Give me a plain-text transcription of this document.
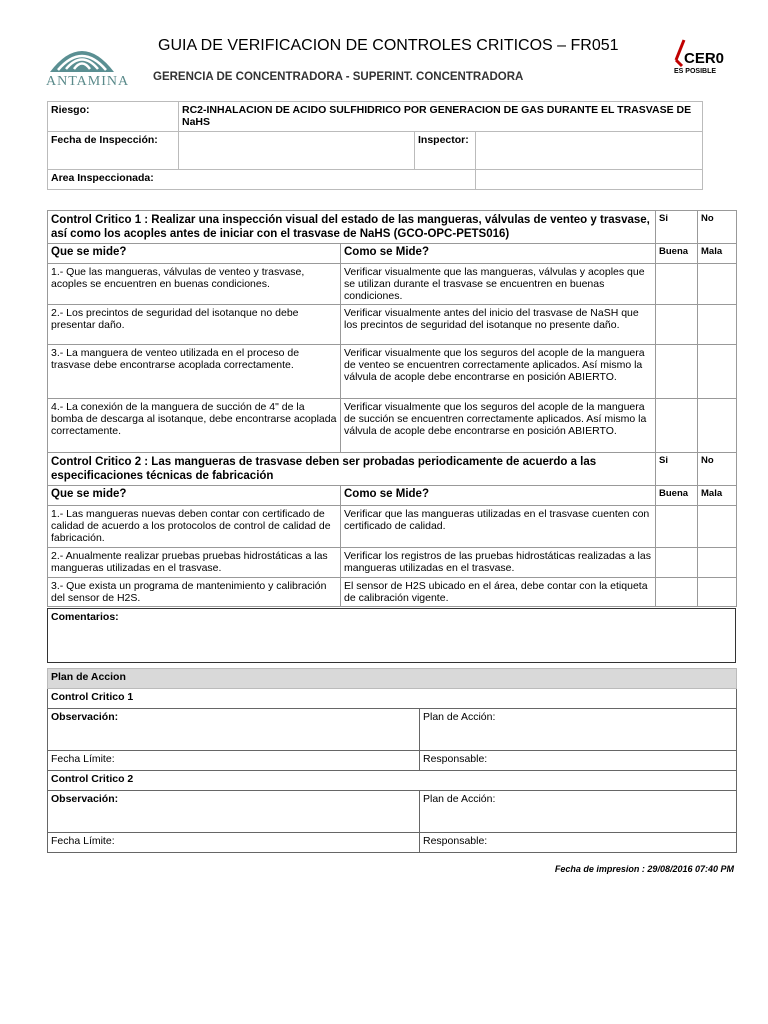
ANTAMINA
GUIA DE VERIFICACION DE CONTROLES CRITICOS – FR051
GERENCIA DE CONCENTRADORA - SUPERINT. CONCENTRADORA
CER0
ES POSIBLE
Riesgo:	RC2-INHALACION DE ACIDO SULFHIDRICO POR GENERACION DE GAS DURANTE EL TRASVASE DE NaHS		
Fecha de Inspección:		Inspector:	
Area Inspeccionada:			
Control Critico 1 : Realizar una inspección visual del estado de las mangueras, válvulas de venteo y trasvase, así como los acoples antes de iniciar con el trasvase de NaHS (GCO-OPC-PETS016)		Si	No
Que se mide?	Como se Mide?	Buena	Mala
1.- Que las mangueras, válvulas de venteo y trasvase, acoples se encuentren en buenas condiciones.	Verificar visualmente que las mangueras, válvulas y acoples que se utilizan durante el trasvase se encuentren en buenas condiciones.		
2.- Los precintos de seguridad del isotanque no debe presentar daño.	Verificar visualmente antes del inicio del trasvase de NaSH que los precintos de seguridad del isotanque no presente daño.		
3.- La manguera de venteo utilizada en el proceso de trasvase debe encontrarse acoplada correctamente.	Verificar visualmente que los seguros del acople de la manguera de venteo se encuentren correctamente aplicados. Así mismo la válvula de acople debe encontrarse en posición ABIERTO.		
4.- La conexión de la manguera de succión de 4" de la bomba de descarga al isotanque, debe encontrarse acoplada correctamente.	Verificar visualmente que los seguros del acople de la manguera de succión se encuentren correctamente aplicados. Así mismo la válvula de acople debe encontrarse en posición ABIERTO.		
Control Critico 2 : Las mangueras de trasvase deben ser probadas periodicamente de acuerdo a las especificaciones técnicas de fabricación		Si	No
Que se mide?	Como se Mide?	Buena	Mala
1.- Las mangueras nuevas deben contar con certificado de calidad de acuerdo a los protocolos de control de calidad de fabricación.	Verificar que las mangueras utilizadas en el trasvase cuenten con certificado de calidad.		
2.- Anualmente realizar pruebas pruebas hidrostáticas a las mangueras utilizadas en el trasvase.	Verificar los registros de las pruebas hidrostáticas realizadas a las mangueras utilizadas en el trasvase.		
3.- Que exista un programa de mantenimiento y calibración del sensor de H2S.	El sensor de H2S ubicado en el área, debe contar con la etiqueta de calibración vigente.		
Comentarios:
Plan de Accion	
Control Critico 1	
Observación:	Plan de Acción:
Fecha Límite:	Responsable:
Control Critico 2	
Observación:	Plan de Acción:
Fecha Límite:	Responsable:
Fecha de impresion : 29/08/2016 07:40 PM
